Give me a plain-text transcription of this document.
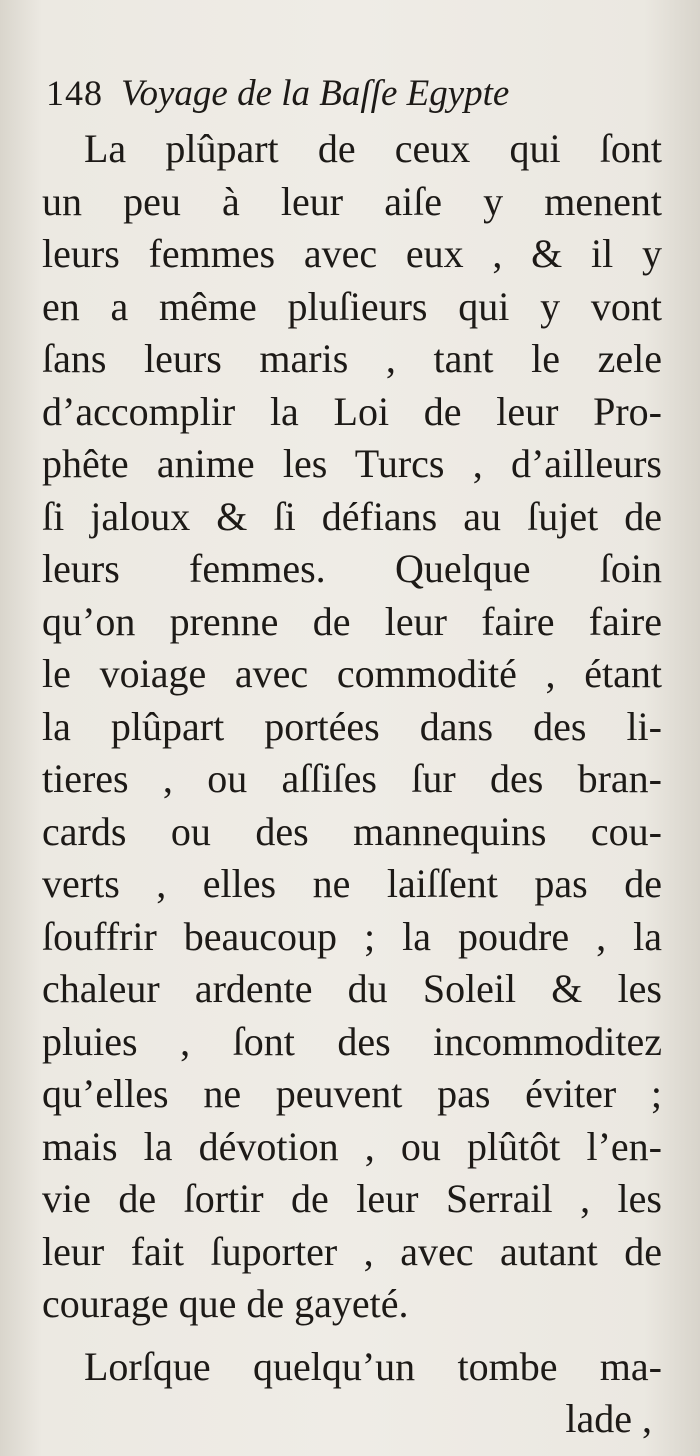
148 Voyage de la Baſſe Egypte
La plûpart de ceux qui ſont
un peu à leur aiſe y menent
leurs femmes avec eux , & il y
en a même pluſieurs qui y vont
ſans leurs maris , tant le zele
d’accomplir la Loi de leur Pro-
phête anime les Turcs , d’ailleurs
ſi jaloux & ſi défians au ſujet de
leurs femmes. Quelque ſoin
qu’on prenne de leur faire faire
le voiage avec commodité , étant
la plûpart portées dans des li-
tieres , ou aſſiſes ſur des bran-
cards ou des mannequins cou-
verts , elles ne laiſſent pas de
ſouffrir beaucoup ; la poudre , la
chaleur ardente du Soleil & les
pluies , ſont des incommoditez
qu’elles ne peuvent pas éviter ;
mais la dévotion , ou plûtôt l’en-
vie de ſortir de leur Serrail , les
leur fait ſuporter , avec autant de
courage que de gayeté.
Lorſque quelqu’un tombe ma-
lade ,
